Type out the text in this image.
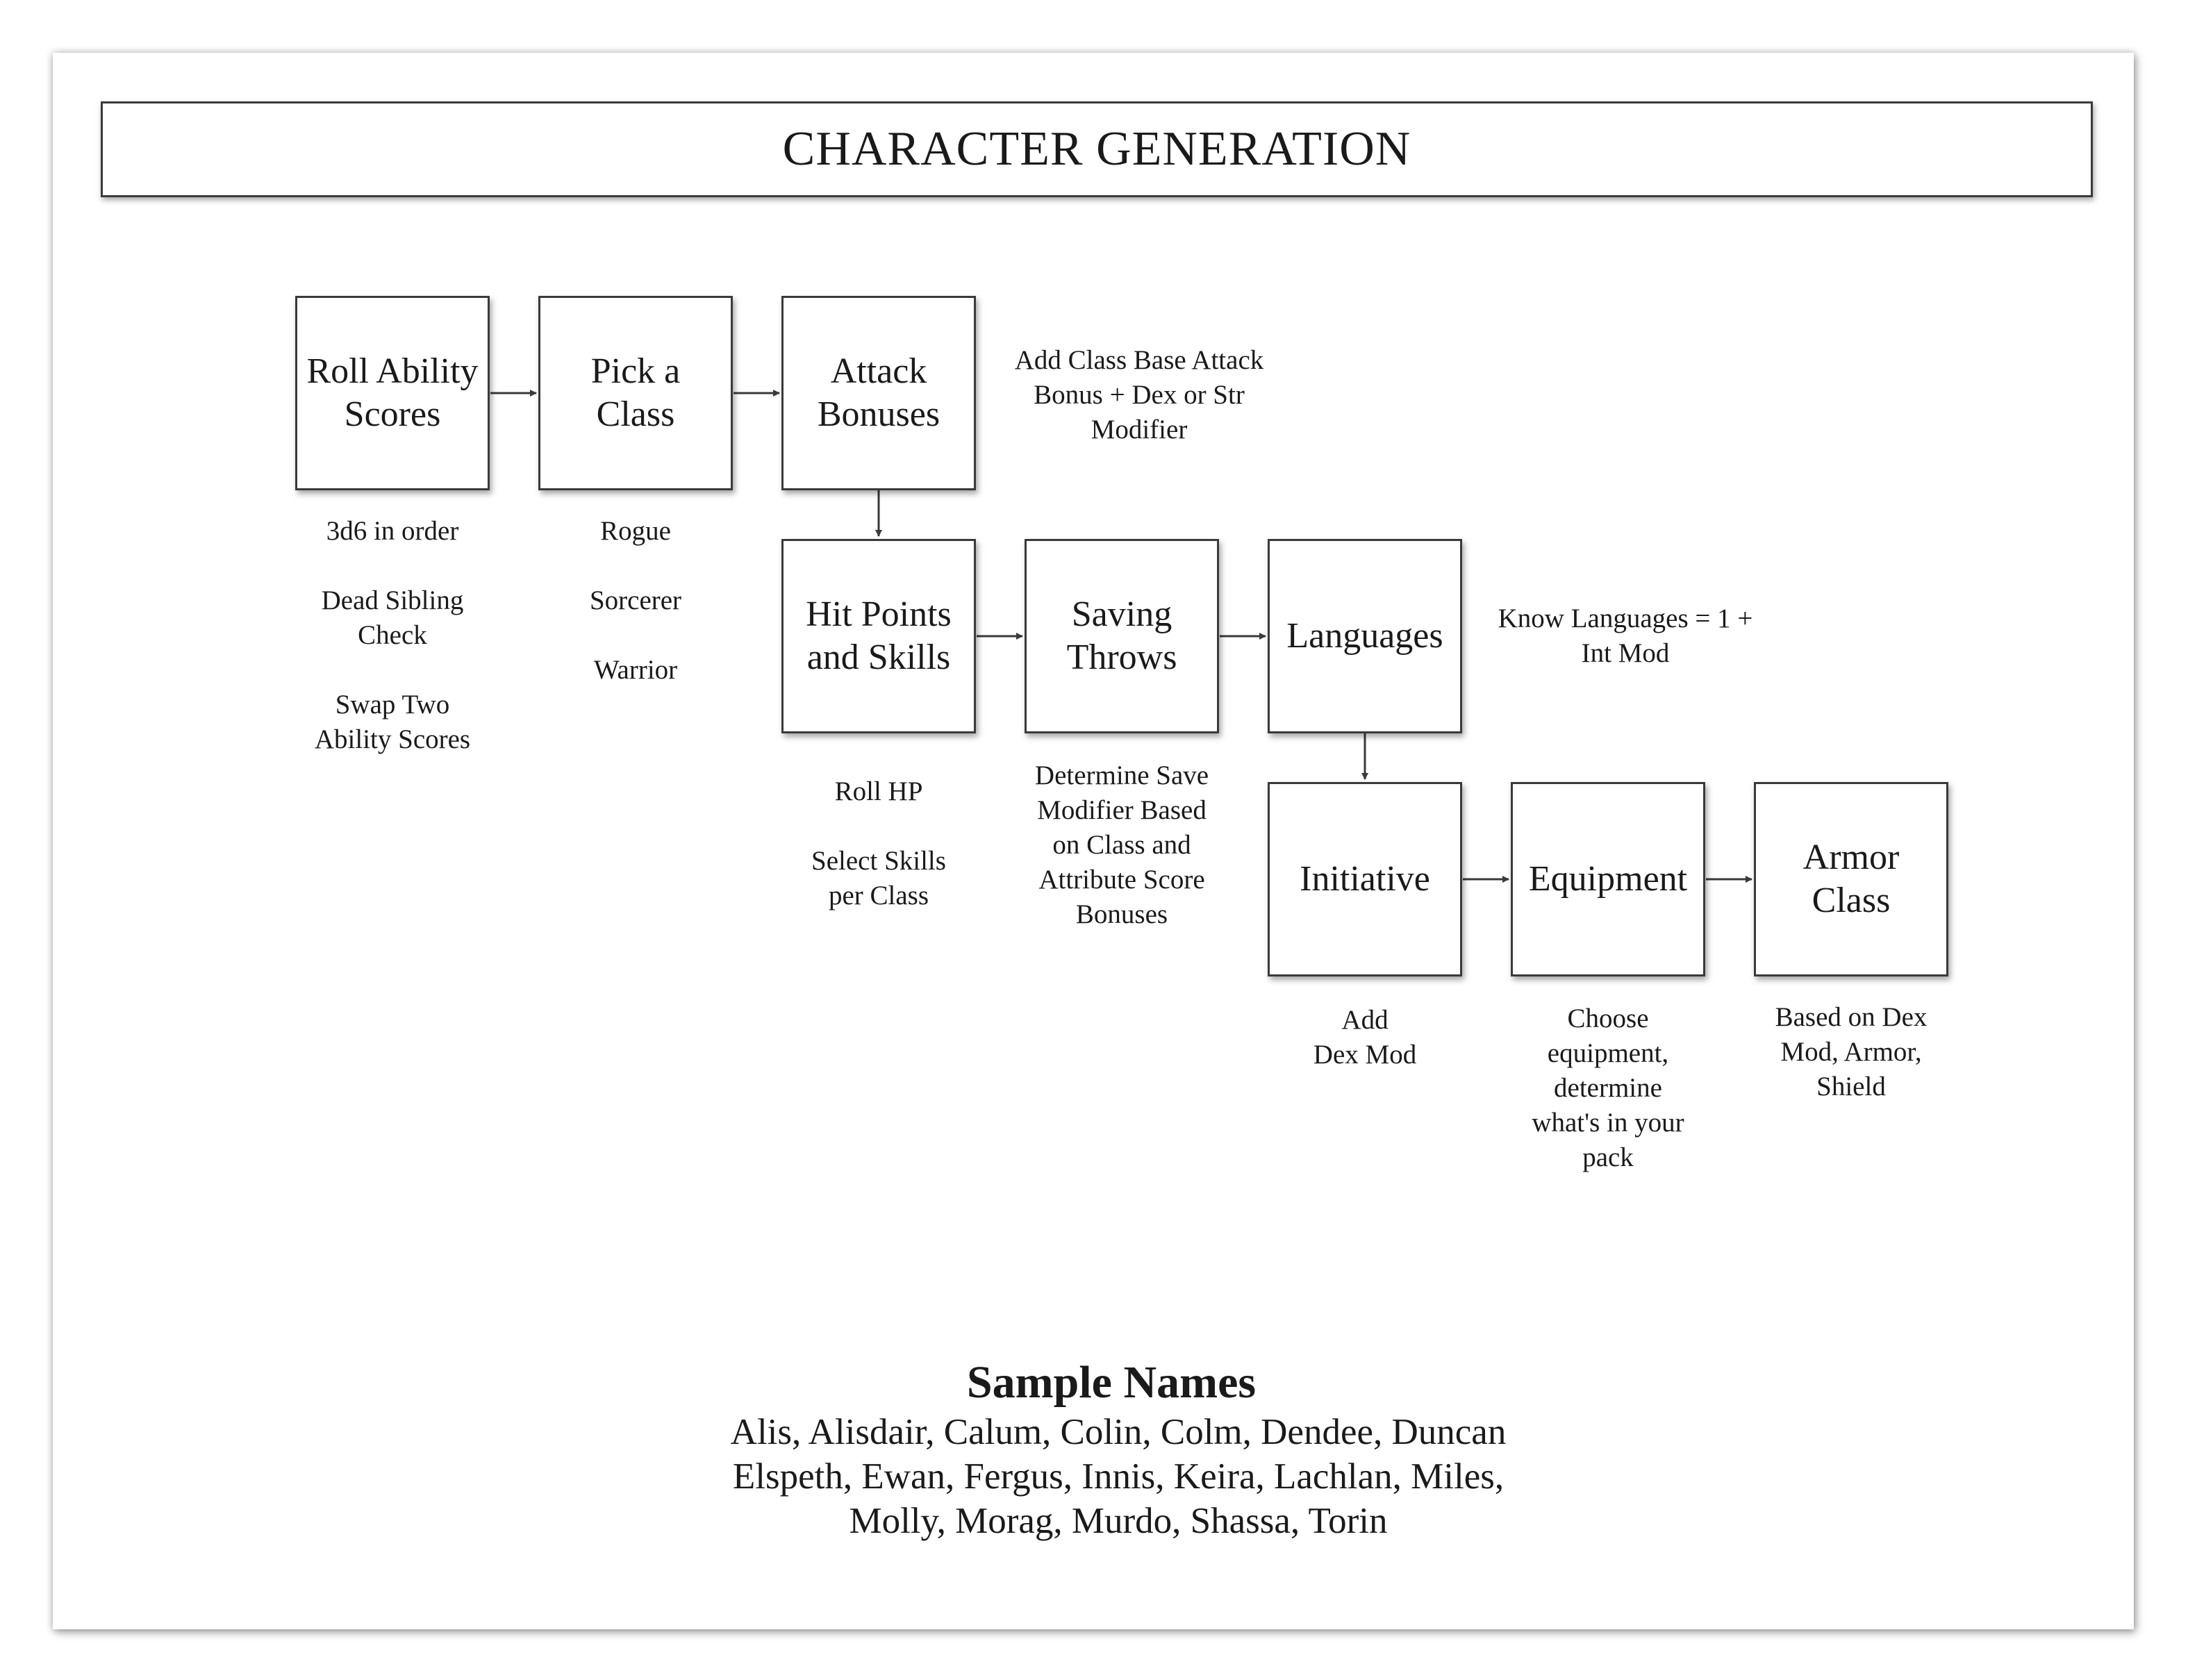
CHARACTER GENERATION
Roll Ability Scores
Pick a Class
Attack Bonuses
Hit Points and Skills
Saving Throws
Languages
Initiative	Equipment
Armor Class
3d6 in order

Dead Sibling
Check

Swap Two
Ability Scores
Rogue

Sorcerer

Warrior
Add Class Base Attack
Bonus + Dex or Str
Modifier
Roll HP

Select Skills
per Class
Determine Save
Modifier Based
on Class and
Attribute Score
Bonuses
Know Languages = 1 +
Int Mod
Add
Dex Mod
Choose
equipment,
determine
what's in your
pack
Based on Dex
Mod, Armor,
Shield
Sample Names
Alis, Alisdair, Calum, Colin, Colm, Dendee, Duncan
Elspeth, Ewan, Fergus, Innis, Keira, Lachlan, Miles,
Molly, Morag, Murdo, Shassa, Torin
